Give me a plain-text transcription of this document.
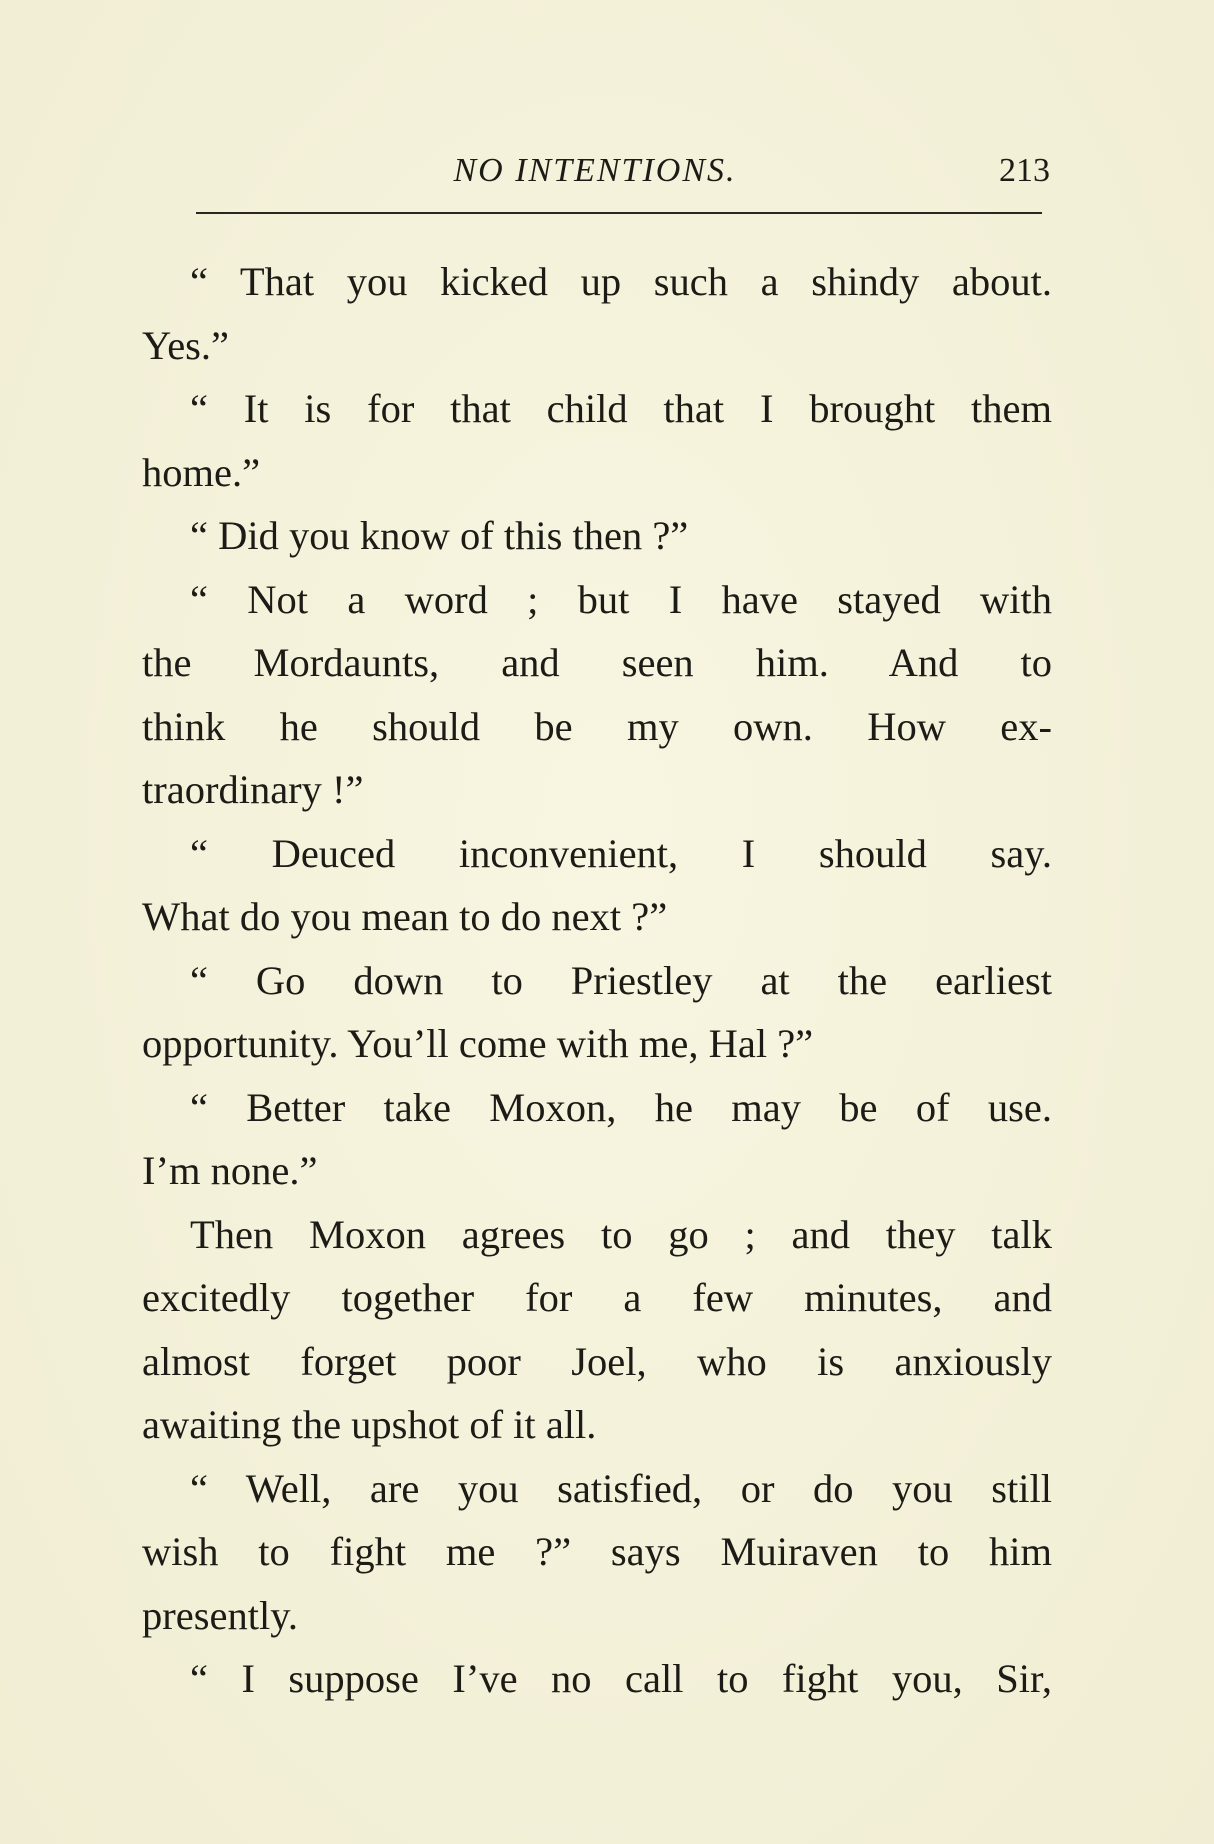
NO INTENTIONS.	213
“ That you kicked up such a shindy about.
Yes.”
“ It is for that child that I brought them
home.”
“ Did you know of this then ?”
“ Not a word ; but I have stayed with
the Mordaunts, and seen him. And to
think he should be my own. How ex-
traordinary !”
“ Deuced inconvenient, I should say.
What do you mean to do next ?”
“ Go down to Priestley at the earliest
opportunity. You’ll come with me, Hal ?”
“ Better take Moxon, he may be of use.
I’m none.”
Then Moxon agrees to go ; and they talk
excitedly together for a few minutes, and
almost forget poor Joel, who is anxiously
awaiting the upshot of it all.
“ Well, are you satisfied, or do you still
wish to fight me ?” says Muiraven to him
presently.
“ I suppose I’ve no call to fight you, Sir,
